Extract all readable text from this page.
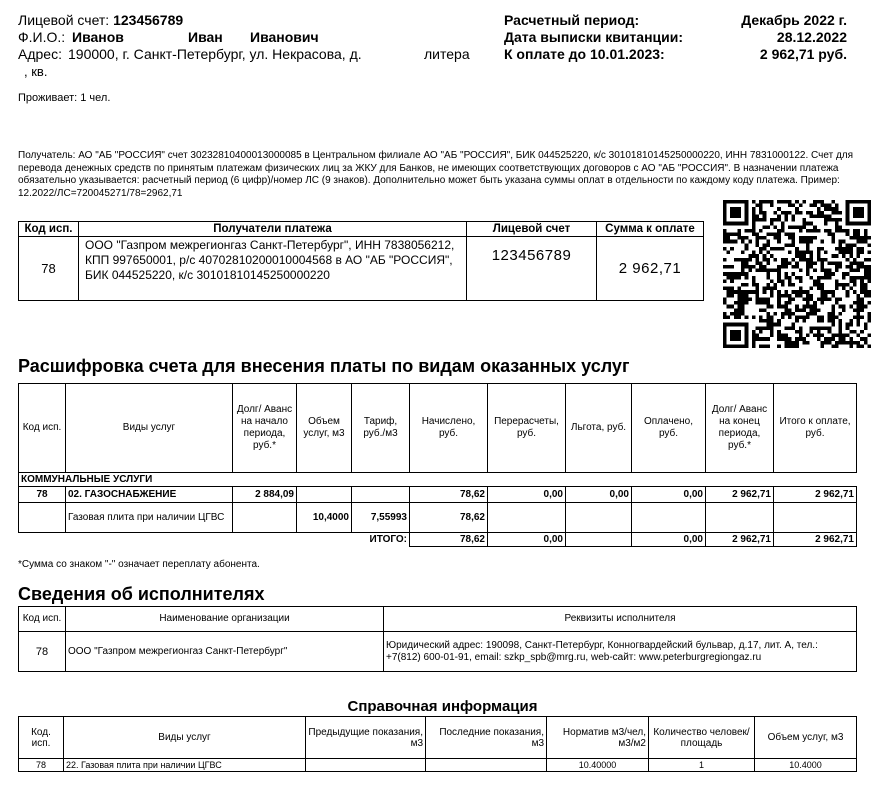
Лицевой счет: 123456789
Ф.И.О.: Иванов	Иван Иванович
Адрес: 190000, г. Санкт-Петербург, ул. Некрасова, д.	литера
, кв.
Проживает: 1 чел.
Расчетный период:	Декабрь 2022 г.
Дата выписки квитанции:	28.12.2022
К оплате до 10.01.2023:	2 962,71 руб.
Получатель: АО "АБ "РОССИЯ" счет 30232810400013000085 в Центральном филиале АО "АБ "РОССИЯ", БИК 044525220, к/с 30101810145250000220, ИНН 7831000122. Счет для перевода денежных средств по принятым платежам физических лиц за ЖКУ для Банков, не имеющих соответствующих договоров с АО "АБ "РОССИЯ". В назначении платежа обязательно указывается: расчетный период (6 цифр)/номер ЛС (9 знаков). Дополнительно может быть указана суммы оплат в отдельности по каждому коду платежа. Пример: 12.2022/ЛС=720045271/78=2962,71
Код исп.	Получатели платежа	Лицевой счет	Сумма к оплате
78	ООО "Газпром межрегионгаз Санкт-Петербург", ИНН 7838056212, КПП 997650001, р/с 40702810200010004568 в АО "АБ "РОССИЯ", БИК 044525220, к/с 30101810145250000220	123456789	2 962,71
Расшифровка счета для внесения платы по видам оказанных услуг
Код исп.	Виды услуг	Долг/ Аванс на начало периода, руб.*	Объем услуг, м3	Тариф, руб./м3	Начислено, руб.	Перерасчеты, руб.	Льгота, руб.	Оплачено, руб.	Долг/ Аванс на конец периода, руб.*	Итого к оплате, руб.
КОММУНАЛЬНЫЕ УСЛУГИ										
78	02. ГАЗОСНАБЖЕНИЕ	2 884,09			78,62	0,00	0,00	0,00	2 962,71	2 962,71
	Газовая плита при наличии ЦГВС		10,4000	7,55993	78,62					
ИТОГО:					78,62	0,00		0,00	2 962,71	2 962,71
*Сумма со знаком "-" означает переплату абонента.
Сведения об исполнителях
Код исп.	Наименование организации	Реквизиты исполнителя
78	ООО "Газпром межрегионгаз Санкт-Петербург"	Юридический адрес: 190098, Санкт-Петербург, Конногвардейский бульвар, д.17, лит. А, тел.: +7(812) 600-01-91, email: szkp_spb@mrg.ru, web-сайт: www.peterburgregiongaz.ru
Справочная информация
Код. исп.	Виды услуг	Предыдущие показания, м3	Последние показания, м3	Норматив м3/чел, м3/м2	Количество человек/ площадь	Объем услуг, м3
78	22. Газовая плита при наличии ЦГВС			10.40000	1	10.4000
